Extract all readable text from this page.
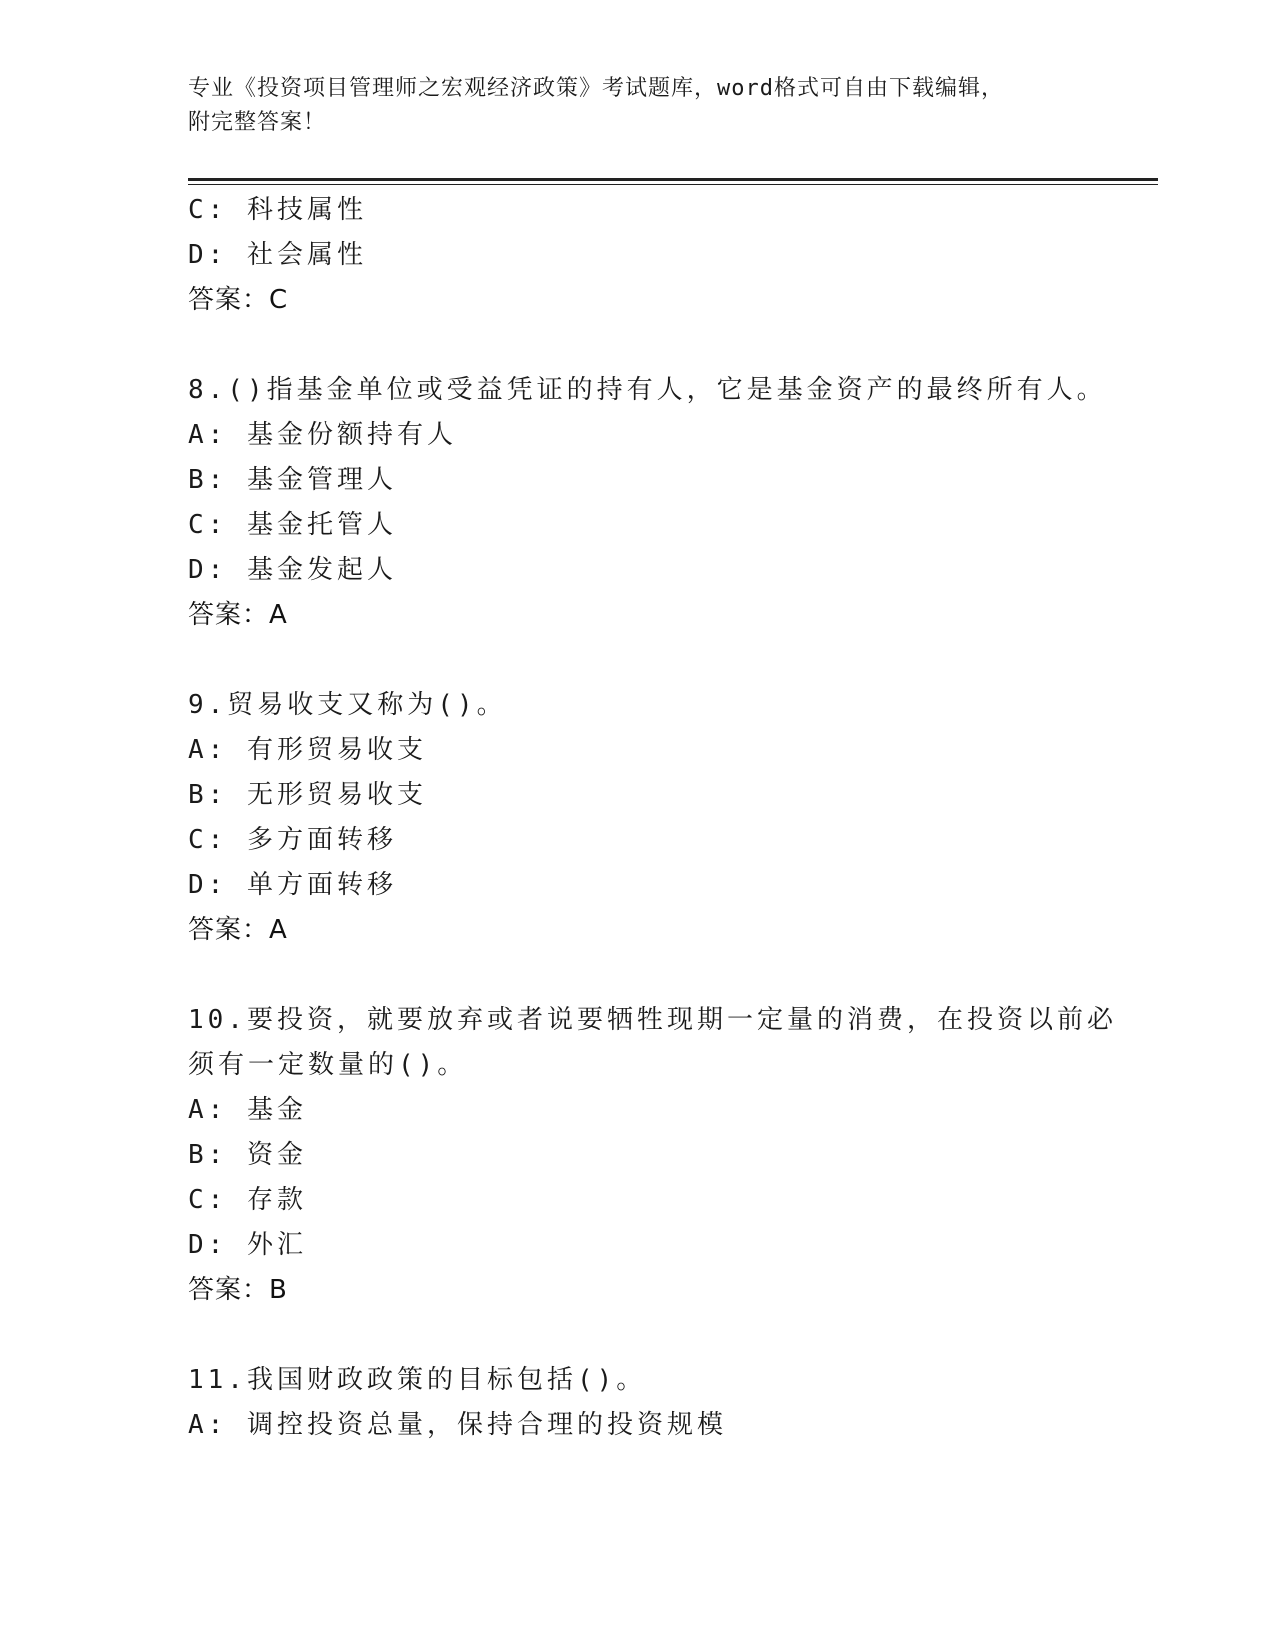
专业《投资项目管理师之宏观经济政策》考试题库，word格式可自由下载编辑，
附完整答案！
C: 科技属性
D: 社会属性
答案：C
8.()指基金单位或受益凭证的持有人，它是基金资产的最终所有人。
A: 基金份额持有人
B: 基金管理人
C: 基金托管人
D: 基金发起人
答案：A
9.贸易收支又称为()。
A: 有形贸易收支
B: 无形贸易收支
C: 多方面转移
D: 单方面转移
答案：A
10.要投资，就要放弃或者说要牺牲现期一定量的消费，在投资以前必
须有一定数量的()。
A: 基金
B: 资金
C: 存款
D: 外汇
答案：B
11.我国财政政策的目标包括()。
A: 调控投资总量，保持合理的投资规模
